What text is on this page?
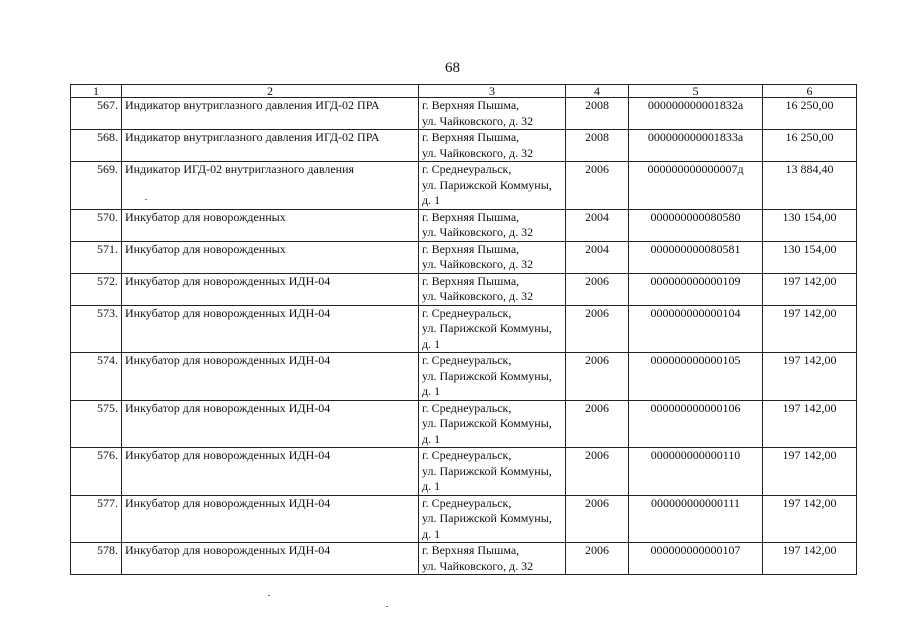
68
1	2	3	4	5	6
567.	Индикатор внутриглазного давления ИГД-02 ПРА	г. Верхняя Пышма,
ул. Чайковского, д. 32	2008	000000000001832а	16 250,00
568.	Индикатор внутриглазного давления ИГД-02 ПРА	г. Верхняя Пышма,
ул. Чайковского, д. 32	2008	000000000001833а	16 250,00
569.	Индикатор ИГД-02 внутриглазного давления	г. Среднеуральск,
ул. Парижской Коммуны,
д. 1	2006	000000000000007д	13 884,40
570.	Инкубатор для новорожденных	г. Верхняя Пышма,
ул. Чайковского, д. 32	2004	000000000080580	130 154,00
571.	Инкубатор для новорожденных	г. Верхняя Пышма,
ул. Чайковского, д. 32	2004	000000000080581	130 154,00
572.	Инкубатор для новорожденных ИДН-04	г. Верхняя Пышма,
ул. Чайковского, д. 32	2006	000000000000109	197 142,00
573.	Инкубатор для новорожденных ИДН-04	г. Среднеуральск,
ул. Парижской Коммуны,
д. 1	2006	000000000000104	197 142,00
574.	Инкубатор для новорожденных ИДН-04	г. Среднеуральск,
ул. Парижской Коммуны,
д. 1	2006	000000000000105	197 142,00
575.	Инкубатор для новорожденных ИДН-04	г. Среднеуральск,
ул. Парижской Коммуны,
д. 1	2006	000000000000106	197 142,00
576.	Инкубатор для новорожденных ИДН-04	г. Среднеуральск,
ул. Парижской Коммуны,
д. 1	2006	000000000000110	197 142,00
577.	Инкубатор для новорожденных ИДН-04	г. Среднеуральск,
ул. Парижской Коммуны,
д. 1	2006	000000000000111	197 142,00
578.	Инкубатор для новорожденных ИДН-04	г. Верхняя Пышма,
ул. Чайковского, д. 32	2006	000000000000107	197 142,00
